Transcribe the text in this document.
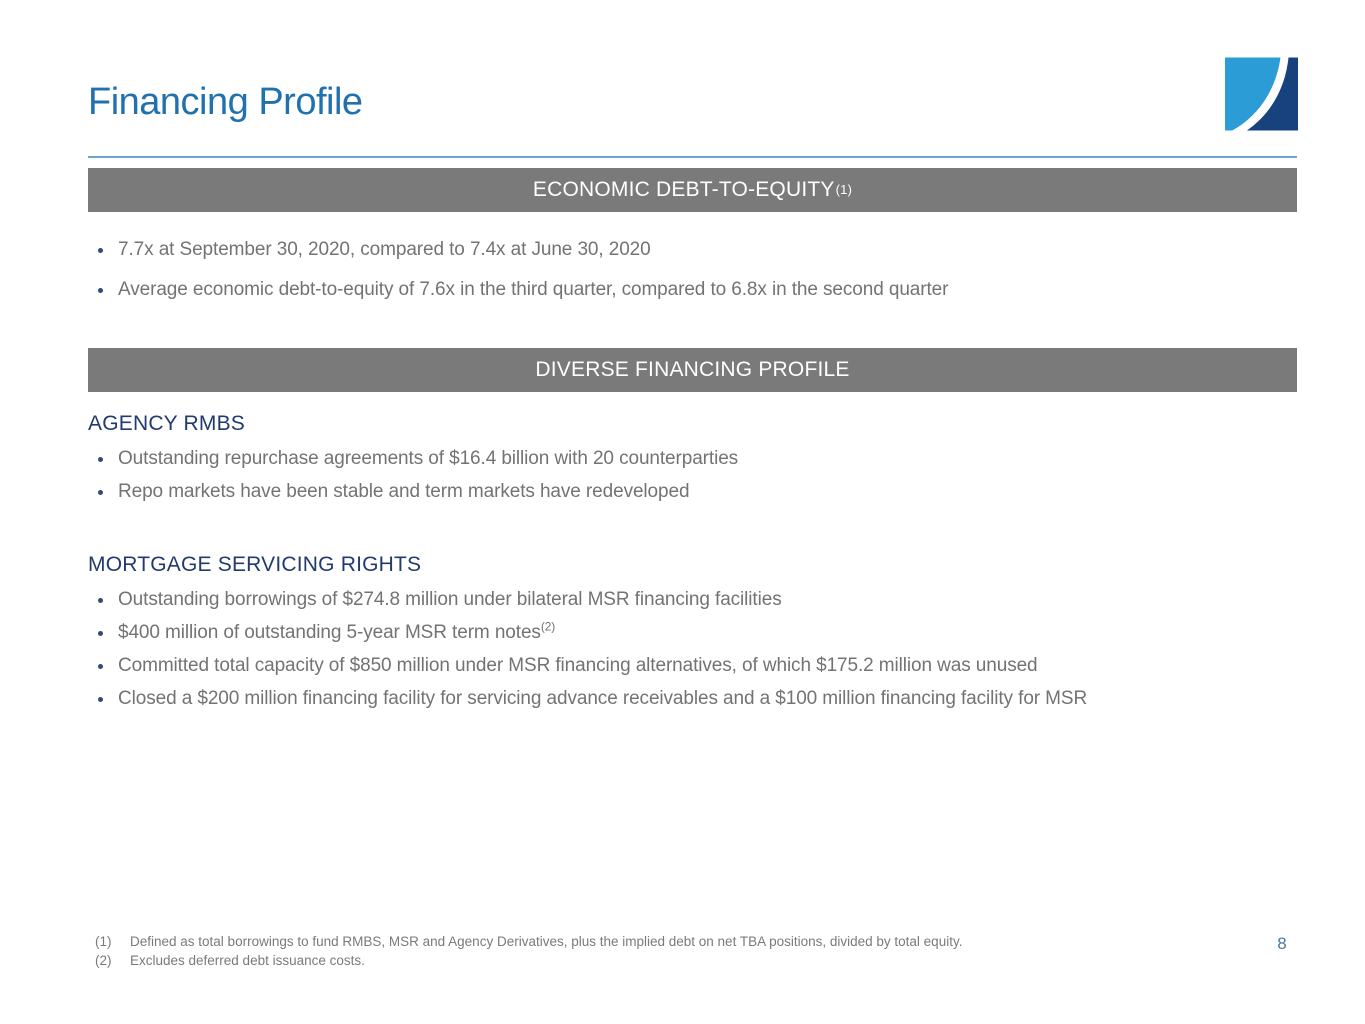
Financing Profile
ECONOMIC DEBT-TO-EQUITY (1)
7.7x at September 30, 2020, compared to 7.4x at June 30, 2020
Average economic debt-to-equity of 7.6x in the third quarter, compared to 6.8x in the second quarter
DIVERSE FINANCING PROFILE
AGENCY RMBS
Outstanding repurchase agreements of $16.4 billion with 20 counterparties
Repo markets have been stable and term markets have redeveloped
MORTGAGE SERVICING RIGHTS
Outstanding borrowings of $274.8 million under bilateral MSR financing facilities
$400 million of outstanding 5-year MSR term notes$^{(2)}$
Committed total capacity of $850 million under MSR financing alternatives, of which $175.2 million was unused
Closed a $200 million financing facility for servicing advance receivables and a $100 million financing facility for MSR
(1)	Defined as total borrowings to fund RMBS, MSR and Agency Derivatives, plus the implied debt on net TBA positions, divided by total equity.
(2)	Excludes deferred debt issuance costs.
8
